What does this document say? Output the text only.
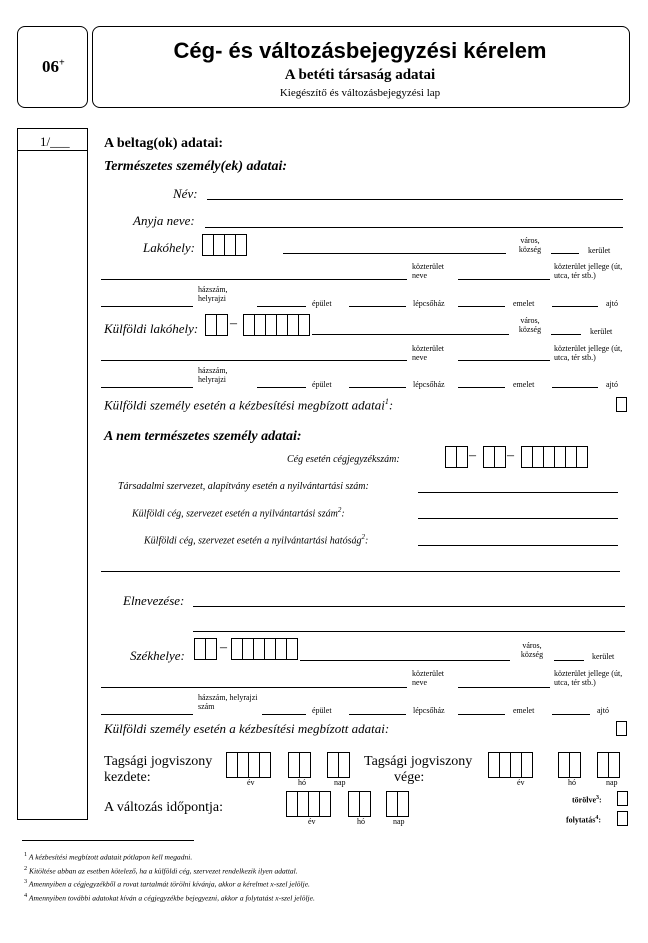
06+	Cég- és változásbejegyzési kérelem
A betéti társaság adatai
Kiegészítő és változásbejegyzési lap
1/___ A beltag(ok) adatai:
Természetes személy(ek) adatai:
Név:
Anyja neve:
Lakóhely:	város, község	kerület
közterület neve
közterület jellege (út, utca, tér stb.)
házszám, helyrajzi
épület	lépcsőház	emelet	ajtó
Külföldi lakóhely: –	város, község	kerület
közterület neve
közterület jellege (út, utca, tér stb.)
házszám, helyrajzi
épület	lépcsőház	emelet	ajtó
Külföldi személy esetén a kézbesítési megbízott adatai$^1$:
A nem természetes személy adatai:
Cég esetén cégjegyzékszám:	– –
Társadalmi szervezet, alapítvány esetén a nyilvántartási szám:
Külföldi cég, szervezet esetén a nyilvántartási szám$^2$:
Külföldi cég, szervezet esetén a nyilvántartási hatóság$^2$:
Elnevezése:
Székhelye:
–	város, község	kerület
közterület neve
közterület jellege (út, utca, tér stb.)
házszám, helyrajzi szám	épület	lépcsőház	emelet	ajtó
Külföldi személy esetén a kézbesítési megbízott adatai:
Tagsági jogviszony
kezdete:	év	hó	nap
Tagsági jogviszony
vége:	év	hó	nap
A változás időpontja:
év	hó	nap
törölve$^3$:
folytatás$^4$:
$^1$ A kézbesítési megbízott adatait pótlapon kell megadni.
$^2$ Kitöltése abban az esetben kötelező, ha a külföldi cég, szervezet rendelkezik ilyen adattal.
$^3$ Amennyiben a cégjegyzékből a rovat tartalmát törölni kívánja, akkor a kérelmet x-szel jelölje.
$^4$ Amennyiben további adatokat kíván a cégjegyzékbe bejegyezni, akkor a folytatást x-szel jelölje.
